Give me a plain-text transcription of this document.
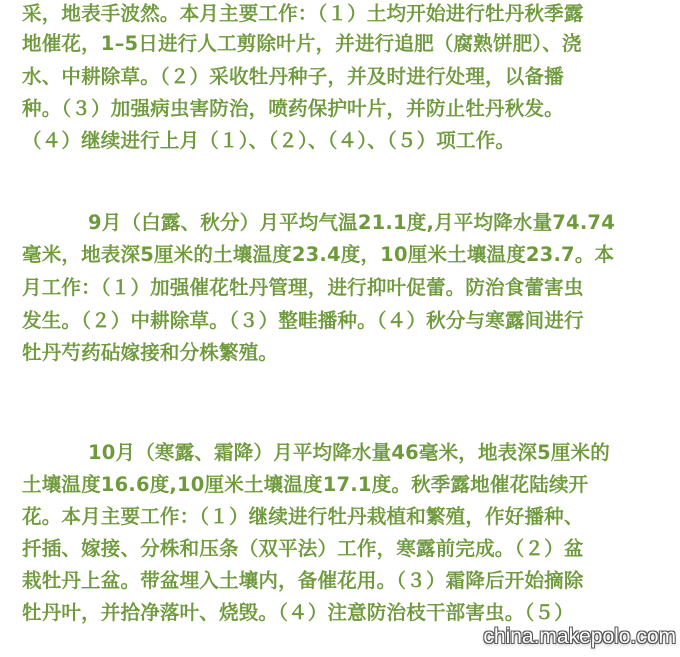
采，地表手波然。本月主要工作：（１）土均开始进行牡丹秋季露
地催花，1–5日进行人工剪除叶片，并进行追肥（腐熟饼肥）、浇
水、中耕除草。（２）采收牡丹种子，并及时进行处理，以备播
种。（３）加强病虫害防治，喷药保护叶片，并防止牡丹秋发。
（４）继续进行上月（１）、（２）、（４）、（５）项工作。
9月（白露、秋分）月平均气温21.1度,月平均降水量74.74
毫米，地表深5厘米的土壤温度23.4度，10厘米土壤温度23.7。本
月工作：（１）加强催花牡丹管理，进行抑叶促蕾。防治食蕾害虫
发生。（２）中耕除草。（３）整畦播种。（４）秋分与寒露间进行
牡丹芍药砧嫁接和分株繁殖。
10月（寒露、霜降）月平均降水量46毫米，地表深5厘米的
土壤温度16.6度,10厘米土壤温度17.1度。秋季露地催花陆续开
花。本月主要工作：（１）继续进行牡丹栽植和繁殖，作好播种、
扦插、嫁接、分株和压条（双平法）工作，寒露前完成。（２）盆
栽牡丹上盆。带盆埋入土壤内，备催花用。（３）霜降后开始摘除
牡丹叶，并拾净落叶、烧毁。（４）注意防治枝干部害虫。（５）
china.makepolo.com
